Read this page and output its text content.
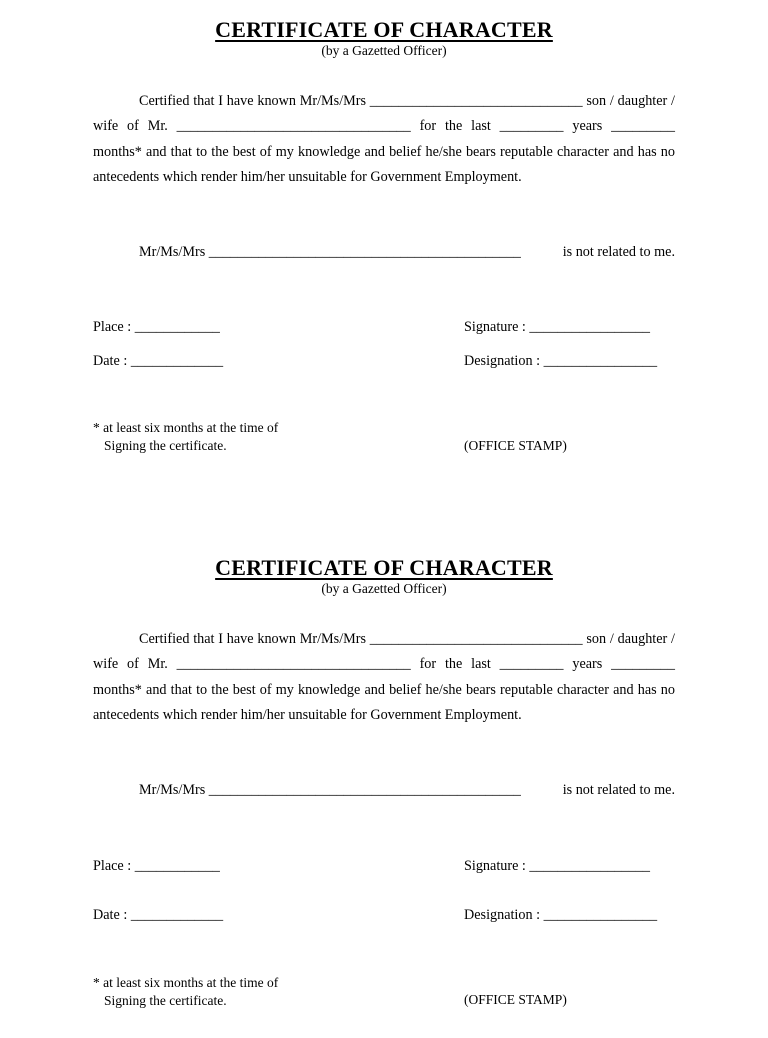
CERTIFICATE OF CHARACTER
(by a Gazetted Officer)

Certified that I have known Mr/Ms/Mrs ______________________________ son / daughter / wife of Mr. _________________________________ for the last _________ years _________ months* and that to the best of my knowledge and belief he/she bears reputable character and has no antecedents which render him/her unsuitable for Government Employment.

Mr/Ms/Mrs ____________________________________________	is not related to me.
Place : ____________	Signature : _________________
Date : _____________	Designation : ________________
* at least six months at the time of
Signing the certificate.	(OFFICE STAMP)
CERTIFICATE OF CHARACTER
(by a Gazetted Officer)

Certified that I have known Mr/Ms/Mrs ______________________________ son / daughter / wife of Mr. _________________________________ for the last _________ years _________ months* and that to the best of my knowledge and belief he/she bears reputable character and has no antecedents which render him/her unsuitable for Government Employment.

Mr/Ms/Mrs ____________________________________________	is not related to me.
Place : ____________	Signature : _________________
Date : _____________	Designation : ________________
* at least six months at the time of
Signing the certificate.	(OFFICE STAMP)
